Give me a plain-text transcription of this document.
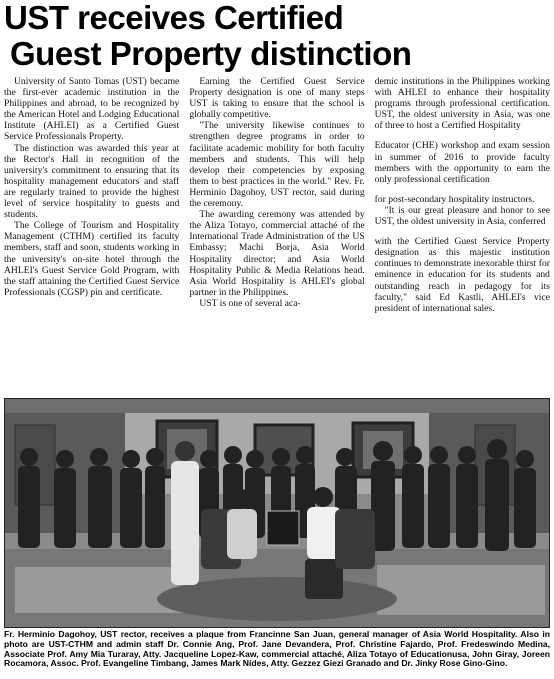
UST receives Certified
Guest Property distinction

University of Santo Tomas (UST) became the first-ever academic institution in the Philippines and abroad, to be recognized by the American Hotel and Lodging Educational Institute (AHLEI) as a Certified Guest Service Professionals Property.

The distinction was awarded this year at the Rector's Hall in recognition of the university's commitment to ensuring that its hospitality management educators and staff are regularly trained to provide the highest level of service hospitality to guests and students.

The College of Tourism and Hospitality Management (CTHM) certified its faculty members, staff and soon, students working in the university's on-site hotel through the AHLEI's Guest Service Gold Program, with the staff attaining the Certified Guest Service Professionals (CGSP) pin and certificate.

Earning the Certified Guest Service Property designation is one of many steps UST is taking to ensure that the school is globally competitive.

"The university likewise continues to strengthen degree programs in order to facilitate academic mobility for both faculty members and students. This will help develop their competencies by exposing them to best practices in the world." Rev. Fr. Herminio Dagohoy, UST rector, said during the ceremony.

The awarding ceremony was attended by the Aliza Totayo, commercial attaché of the International Trade Administration of the US Embassy; Machi Borja, Asia World Hospitality director; and Asia World Hospitality Public & Media Relations head. Asia World Hospitality is AHLEI's global partner in the Philippines.

UST is one of several aca-

demic institutions in the Philippines working with AHLEI to enhance their hospitality programs through professional certification. UST, the oldest university in Asia, was one of three to host a Certified Hospitality

Educator (CHE) workshop and exam session in summer of 2016 to provide faculty members with the opportunity to earn the only professional certification

for post-secondary hospitality instructors.

"It is our great pleasure and honor to see UST, the oldest university in Asia, conferred

with the Certified Guest Service Property designation as this majestic institution continues to demonstrate inexorable thirst for eminence in education for its students and outstanding reach in pedagogy for its faculty," said Ed Kastli, AHLEI's vice president of international sales.

Fr. Herminio Dagohoy, UST rector, receives a plaque from Francinne San Juan, general manager of Asia World Hospitality. Also in photo are UST-CTHM and admin staff Dr. Connie Ang, Prof. Jane Devandera, Prof. Christine Fajardo, Prof. Fredeswindo Medina, Associate Prof. Amy Mia Turaray, Atty. Jacqueline Lopez-Kaw, commercial attaché, Aliza Totayo of Educationusa, John Giray, Joreen Rocamora, Assoc. Prof. Evangeline Timbang, James Mark Nides, Atty. Gezzez Giezi Granado and Dr. Jinky Rose Gino-Gino.
